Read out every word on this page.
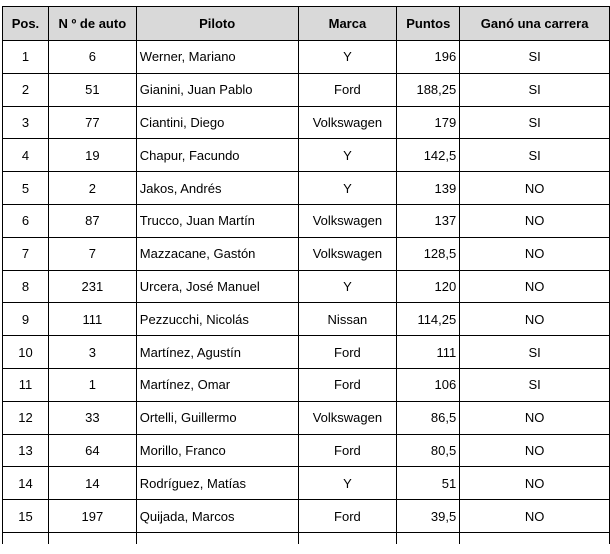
Pos.	N º de auto	Piloto	Marca	Puntos	Ganó una carrera
1	6	Werner, Mariano	Y	196	SI
2	51	Gianini, Juan Pablo	Ford	188,25	SI
3	77	Ciantini, Diego	Volkswagen	179	SI
4	19	Chapur, Facundo	Y	142,5	SI
5	2	Jakos, Andrés	Y	139	NO
6	87	Trucco, Juan Martín	Volkswagen	137	NO
7	7	Mazzacane, Gastón	Volkswagen	128,5	NO
8	231	Urcera, José Manuel	Y	120	NO
9	111	Pezzucchi, Nicolás	Nissan	114,25	NO
10	3	Martínez, Agustín	Ford	111	SI
11	1	Martínez, Omar	Ford	106	SI
12	33	Ortelli, Guillermo	Volkswagen	86,5	NO
13	64	Morillo, Franco	Ford	80,5	NO
14	14	Rodríguez, Matías	Y	51	NO
15	197	Quijada, Marcos	Ford	39,5	NO
